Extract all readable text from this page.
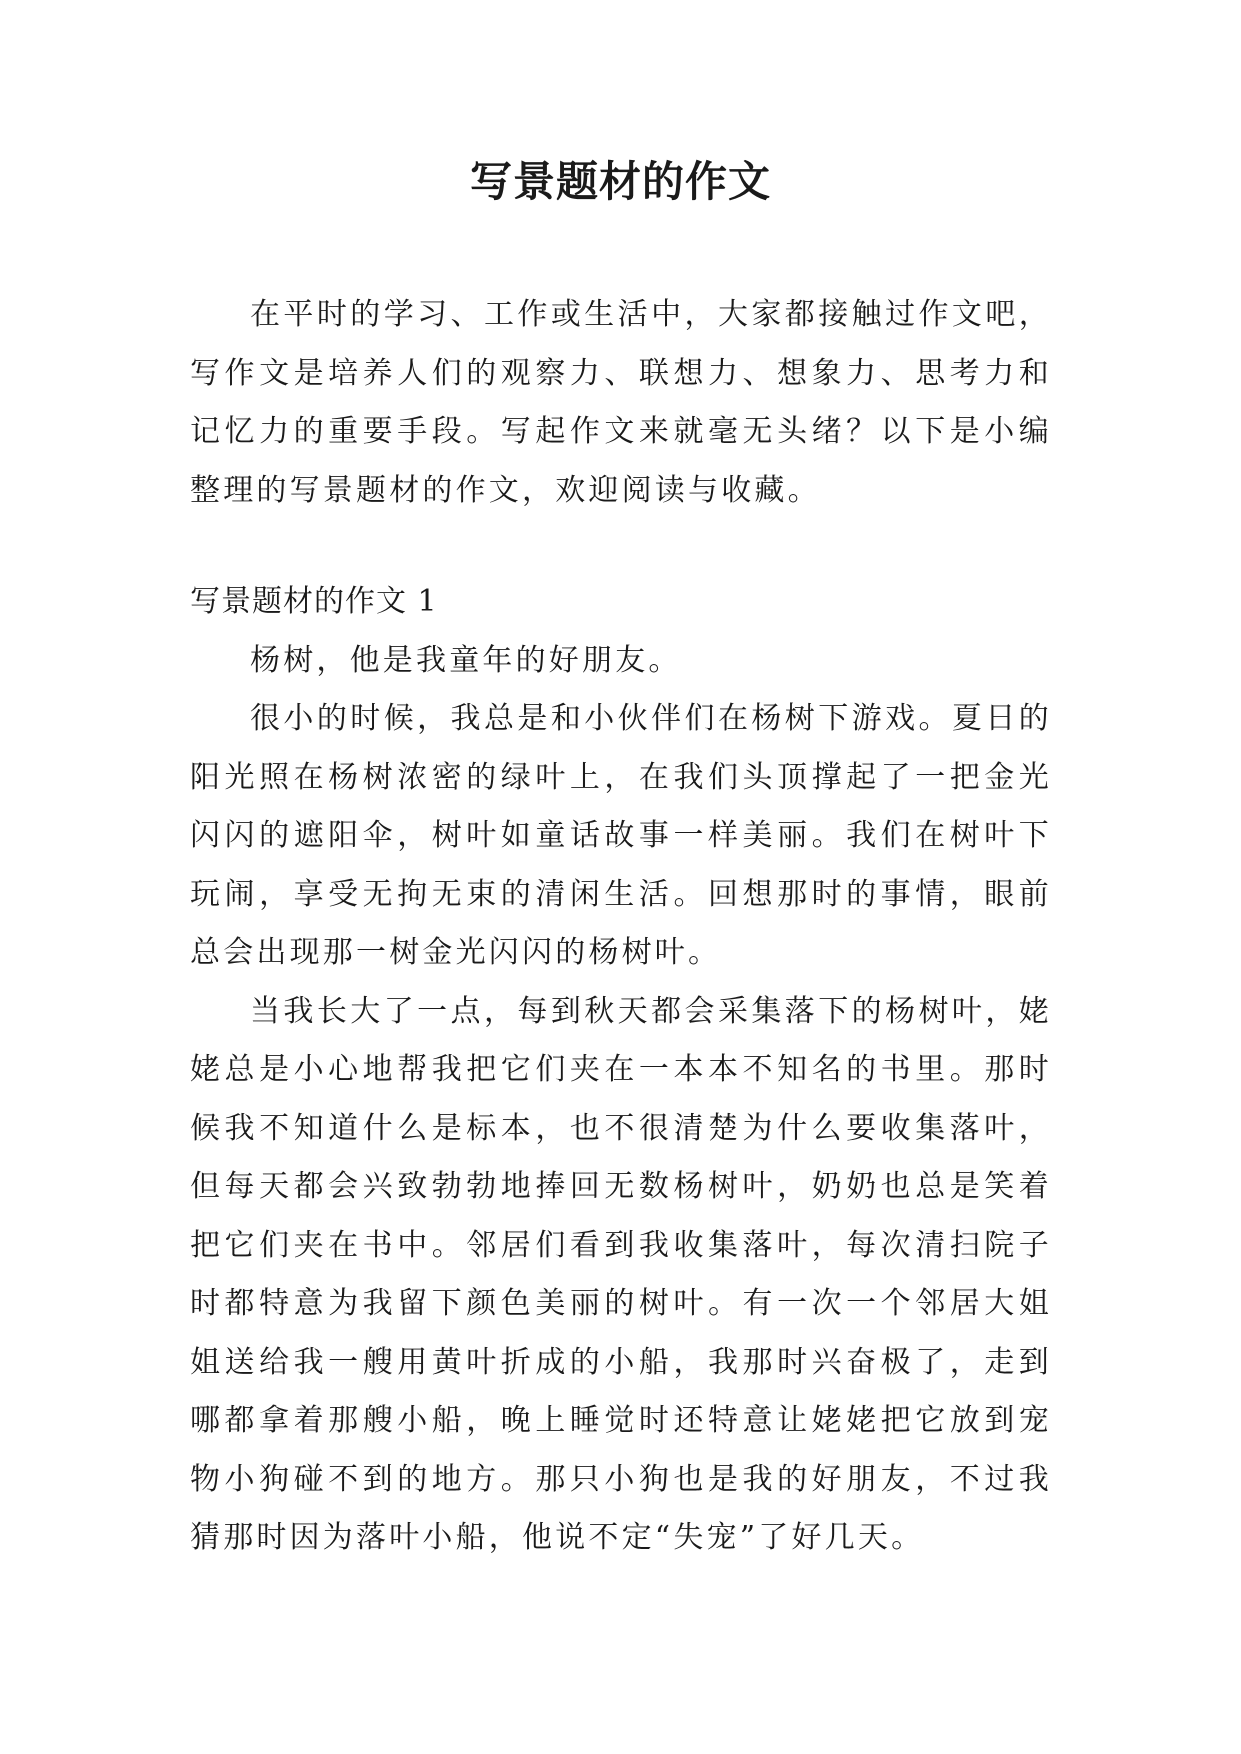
写景题材的作文

在平时的学习、工作或生活中，大家都接触过作文吧，写作文是培养人们的观察力、联想力、想象力、思考力和记忆力的重要手段。写起作文来就毫无头绪？以下是小编整理的写景题材的作文，欢迎阅读与收藏。

写景题材的作文 1

杨树，他是我童年的好朋友。

很小的时候，我总是和小伙伴们在杨树下游戏。夏日的阳光照在杨树浓密的绿叶上，在我们头顶撑起了一把金光闪闪的遮阳伞，树叶如童话故事一样美丽。我们在树叶下玩闹，享受无拘无束的清闲生活。回想那时的事情，眼前总会出现那一树金光闪闪的杨树叶。

当我长大了一点，每到秋天都会采集落下的杨树叶，姥姥总是小心地帮我把它们夹在一本本不知名的书里。那时候我不知道什么是标本，也不很清楚为什么要收集落叶，但每天都会兴致勃勃地捧回无数杨树叶，奶奶也总是笑着把它们夹在书中。邻居们看到我收集落叶，每次清扫院子时都特意为我留下颜色美丽的树叶。有一次一个邻居大姐姐送给我一艘用黄叶折成的小船，我那时兴奋极了，走到哪都拿着那艘小船，晚上睡觉时还特意让姥姥把它放到宠物小狗碰不到的地方。那只小狗也是我的好朋友，不过我猜那时因为落叶小船，他说不定“失宠”了好几天。
